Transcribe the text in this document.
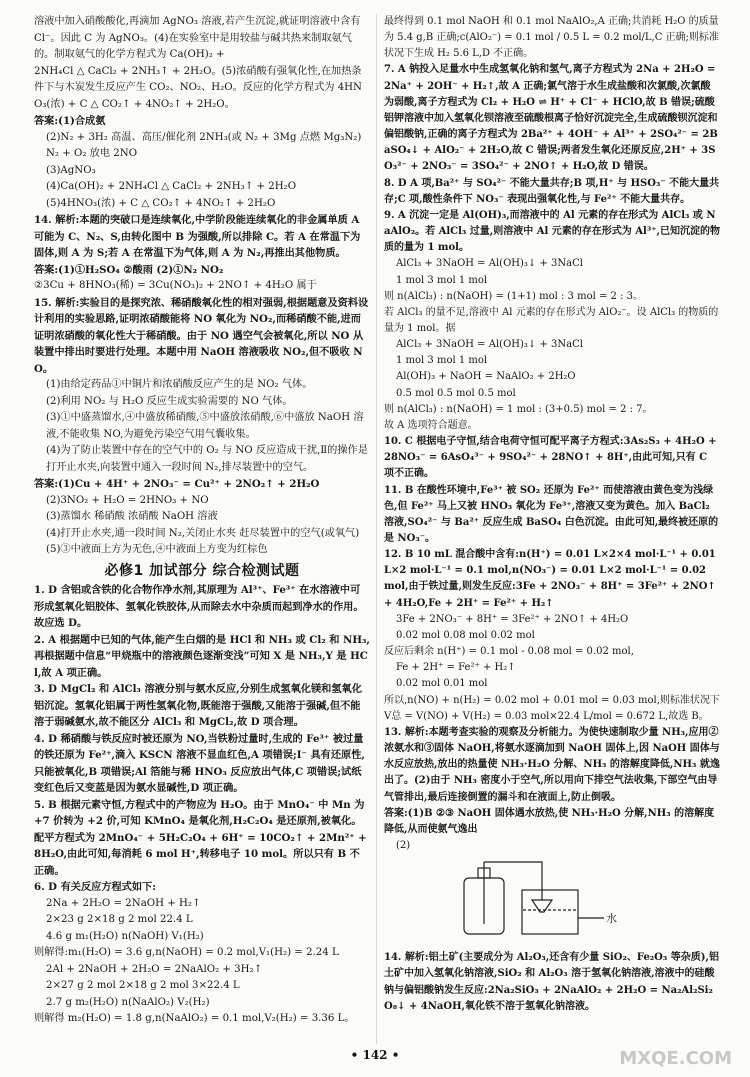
溶液中加入硝酸酸化,再滴加 AgNO₃ 溶液,若产生沉淀,就证明溶液中含有 Cl⁻。因此 C 为 AgNO₃。(4)在实验室中是用较盐与碱共热来制取氨气的。制取氨气的化学方程式为 Ca(OH)₂ +

2NH₄Cl △ CaCl₂ + 2NH₃↑ + 2H₂O。(5)浓硝酸有强氧化性,在加热条件下与木炭发生反应产生 CO₂、NO₂、H₂O。反应的化学方程式为 4HNO₃(浓) + C △ CO₂↑ + 4NO₂↑ + 2H₂O。

答案:(1)合成氨

(2)N₂ + 3H₂ 高温、高压/催化剂 2NH₃(或 N₂ + 3Mg 点燃 Mg₃N₂)

N₂ + O₂ 放电 2NO

(3)AgNO₃

(4)Ca(OH)₂ + 2NH₄Cl △ CaCl₂ + 2NH₃↑ + 2H₂O

(5)4HNO₃(浓) + C △ CO₂↑ + 4NO₂↑ + 2H₂O

14. 解析:本题的突破口是连续氧化,中学阶段能连续氧化的非金属单质 A 可能为 C、N₂、S,由转化图中 B 为强酸,所以排除 C。若 A 在常温下为固体,则 A 为 S;若 A 在常温下为气体,则 A 为 N₂,再推出其他物质。

答案:(1)①H₂SO₄ ②酸雨 (2)①N₂ NO₂

②3Cu + 8HNO₃(稀) = 3Cu(NO₃)₂ + 2NO↑ + 4H₂O 属于

15. 解析:实验目的是探究浓、稀硝酸氧化性的相对强弱,根据题意及资料设计利用的实验思路,证明浓硝酸能将 NO 氧化为 NO₂,而稀硝酸不能,进而证明浓硝酸的氧化性大于稀硝酸。由于 NO 遇空气会被氧化,所以 NO 从装置中排出时要进行处理。本题中用 NaOH 溶液吸收 NO₂,但不吸收 NO。

(1)由给定药品①中铜片和浓硝酸反应产生的是 NO₂ 气体。

(2)利用 NO₂ 与 H₂O 反应生成实验需要的 NO 气体。

(3)①中盛蒸馏水,④中盛放稀硝酸,⑤中盛放浓硝酸,⑥中盛放 NaOH 溶液,不能收集 NO,为避免污染空气用气囊收集。

(4)为了防止装置中存在的空气中的 O₂ 与 NO 反应造成干扰,Ⅱ的操作是打开止水夹,向装置中通入一段时间 N₂,排尽装置中的空气。

答案:(1)Cu + 4H⁺ + 2NO₃⁻ = Cu²⁺ + 2NO₂↑ + 2H₂O

(2)3NO₂ + H₂O = 2HNO₃ + NO

(3)蒸馏水 稀硝酸 浓硝酸 NaOH 溶液

(4)打开止水夹,通一段时间 N₂,关闭止水夹 赶尽装置中的空气(或氧气)

(5)③中液面上方为无色,④中液面上方变为红棕色

必修1 加试部分 综合检测试题

1. D 含铝或含铁的化合物作净水剂,其原理为 Al³⁺、Fe³⁺ 在水溶液中可形成氢氧化铝胶体、氢氧化铁胶体,从而除去水中杂质而起到净水的作用。故应选 D。

2. A 根据题中已知的气体,能产生白烟的是 HCl 和 NH₃ 或 Cl₂ 和 NH₃,再根据题中信息“甲烧瓶中的溶液颜色逐渐变浅”可知 X 是 NH₃,Y 是 HCl,故 A 项正确。

3. D MgCl₂ 和 AlCl₃ 溶液分别与氨水反应,分别生成氢氧化镁和氢氧化铝沉淀。氢氧化铝属于两性氢氧化物,既能溶于强酸,又能溶于强碱,但不能溶于弱碱氨水,故不能区分 AlCl₃ 和 MgCl₂,故 D 项合理。

4. D 稀硝酸与铁反应时被还原为 NO,当铁粉过量时,生成的 Fe³⁺ 被过量的铁还原为 Fe²⁺,滴入 KSCN 溶液不显血红色,A 项错误;I⁻ 具有还原性,只能被氧化,B 项错误;Al 箔能与稀 HNO₃ 反应放出气体,C 项错误;试纸变红色后又变蓝是因为氨水显碱性,D 项正确。

5. B 根据元素守恒,方程式中的产物应为 H₂O。由于 MnO₄⁻ 中 Mn 为 +7 价转为 +2 价,可知 KMnO₄ 是氧化剂,H₂C₂O₄ 是还原剂,被氧化。配平方程式为 2MnO₄⁻ + 5H₂C₂O₄ + 6H⁺ = 10CO₂↑ + 2Mn²⁺ + 8H₂O,由此可知,每消耗 6 mol H⁺,转移电子 10 mol。所以只有 B 不正确。

6. D 有关反应方程式如下:

2Na + 2H₂O = 2NaOH + H₂↑

2×23 g 2×18 g 2 mol 22.4 L

4.6 g m₁(H₂O) n(NaOH) V₁(H₂)

则解得:m₁(H₂O) = 3.6 g,n(NaOH) = 0.2 mol,V₁(H₂) = 2.24 L

2Al + 2NaOH + 2H₂O = 2NaAlO₂ + 3H₂↑

2×27 g 2 mol 2×18 g 2 mol 3×22.4 L

2.7 g m₂(H₂O) n(NaAlO₂) V₂(H₂)

则解得 m₂(H₂O) = 1.8 g,n(NaAlO₂) = 0.1 mol,V₂(H₂) = 3.36 L。

最终得到 0.1 mol NaOH 和 0.1 mol NaAlO₂,A 正确;共消耗 H₂O 的质量为 5.4 g,B 正确;c(AlO₂⁻) = 0.1 mol / 0.5 L = 0.2 mol/L,C 正确;则标准状况下生成 H₂ 5.6 L,D 不正确。

7. A 钠投入足量水中生成氢氧化钠和氢气,离子方程式为 2Na + 2H₂O = 2Na⁺ + 2OH⁻ + H₂↑,故 A 正确;氯气溶于水生成盐酸和次氯酸,次氯酸为弱酸,离子方程式为 Cl₂ + H₂O ⇌ H⁺ + Cl⁻ + HClO,故 B 错误;硫酸铝钾溶液中加入氢氧化钡溶液至硫酸根离子恰好沉淀完全,生成硫酸钡沉淀和偏铝酸钠,正确的离子方程式为 2Ba²⁺ + 4OH⁻ + Al³⁺ + 2SO₄²⁻ = 2BaSO₄↓ + AlO₂⁻ + 2H₂O,故 C 错误;两者发生氧化还原反应,2H⁺ + 3SO₃²⁻ + 2NO₃⁻ = 3SO₄²⁻ + 2NO↑ + H₂O,故 D 错误。

8. D A 项,Ba²⁺ 与 SO₄²⁻ 不能大量共存;B 项,H⁺ 与 HSO₃⁻ 不能大量共存;C 项,酸性条件下 NO₃⁻ 表现出强氧化性,与 Fe²⁺ 不能大量共存。

9. A 沉淀一定是 Al(OH)₃,而溶液中的 Al 元素的存在形式为 AlCl₃ 或 NaAlO₂。若 AlCl₃ 过量,则溶液中 Al 元素的存在形式为 Al³⁺,已知沉淀的物质的量为 1 mol。

AlCl₃ + 3NaOH = Al(OH)₃↓ + 3NaCl

1 mol 3 mol 1 mol

则 n(AlCl₃) : n(NaOH) = (1+1) mol : 3 mol = 2 : 3。

若 AlCl₃ 的量不足,溶液中 Al 元素的存在形式为 AlO₂⁻。设 AlCl₃ 的物质的量为 1 mol。据

AlCl₃ + 3NaOH = Al(OH)₃↓ + 3NaCl

1 mol 3 mol 1 mol

Al(OH)₃ + NaOH = NaAlO₂ + 2H₂O

0.5 mol 0.5 mol 0.5 mol

则 n(AlCl₃) : n(NaOH) = 1 mol : (3+0.5) mol = 2 : 7。

故 A 选项符合题意。

10. C 根据电子守恒,结合电荷守恒可配平离子方程式:3As₂S₃ + 4H₂O + 28NO₃⁻ = 6AsO₄³⁻ + 9SO₄²⁻ + 28NO↑ + 8H⁺,由此可知,只有 C 项不正确。

11. B 在酸性环境中,Fe³⁺ 被 SO₂ 还原为 Fe²⁺ 而使溶液由黄色变为浅绿色,但 Fe²⁺ 马上又被 HNO₃ 氧化为 Fe³⁺,溶液又变为黄色。加入 BaCl₂ 溶液,SO₄²⁻ 与 Ba²⁺ 反应生成 BaSO₄ 白色沉淀。由此可知,最终被还原的是 NO₃⁻。

12. B 10 mL 混合酸中含有:n(H⁺) = 0.01 L×2×4 mol·L⁻¹ + 0.01 L×2 mol·L⁻¹ = 0.1 mol,n(NO₃⁻) = 0.01 L×2 mol·L⁻¹ = 0.02 mol,由于铁过量,则发生反应:3Fe + 2NO₃⁻ + 8H⁺ = 3Fe²⁺ + 2NO↑ + 4H₂O,Fe + 2H⁺ = Fe²⁺ + H₂↑

3Fe + 2NO₃⁻ + 8H⁺ = 3Fe²⁺ + 2NO↑ + 4H₂O

0.02 mol 0.08 mol 0.02 mol

反应后剩余 n(H⁺) = 0.1 mol - 0.08 mol = 0.02 mol,

Fe + 2H⁺ = Fe²⁺ + H₂↑

0.02 mol 0.01 mol

所以,n(NO) + n(H₂) = 0.02 mol + 0.01 mol = 0.03 mol,则标准状况下 V总 = V(NO) + V(H₂) = 0.03 mol×22.4 L/mol = 0.672 L,故选 B。

13. 解析:本题考查实验的观察及分析能力。为使快速制取少量 NH₃,应用②浓氨水和③固体 NaOH,将氨水逐滴加到 NaOH 固体上,因 NaOH 固体与水反应放热,放出的热量使 NH₃·H₂O 分解、NH₃ 的溶解度降低,NH₃ 就逸出了。(2)由于 NH₃ 密度小于空气,所以用向下排空气法收集,下部空气由导气管排出,最后连接倒置的漏斗和在液面上,防止倒吸。

答案:(1)B ②③ NaOH 固体遇水放热,使 NH₃·H₂O 分解,NH₃ 的溶解度降低,从而使氨气逸出

(2)

水

14. 解析:铝土矿(主要成分为 Al₂O₃,还含有少量 SiO₂、Fe₂O₃ 等杂质),铝土矿中加入氢氧化钠溶液,SiO₂ 和 Al₂O₃ 溶于氢氧化钠溶液,溶液中的硅酸钠与偏铝酸钠发生反应:2Na₂SiO₃ + 2NaAlO₂ + 2H₂O = Na₂Al₂Si₂O₈↓ + 4NaOH,氧化铁不溶于氢氧化钠溶液。

• 142 •	MXQE.COM
